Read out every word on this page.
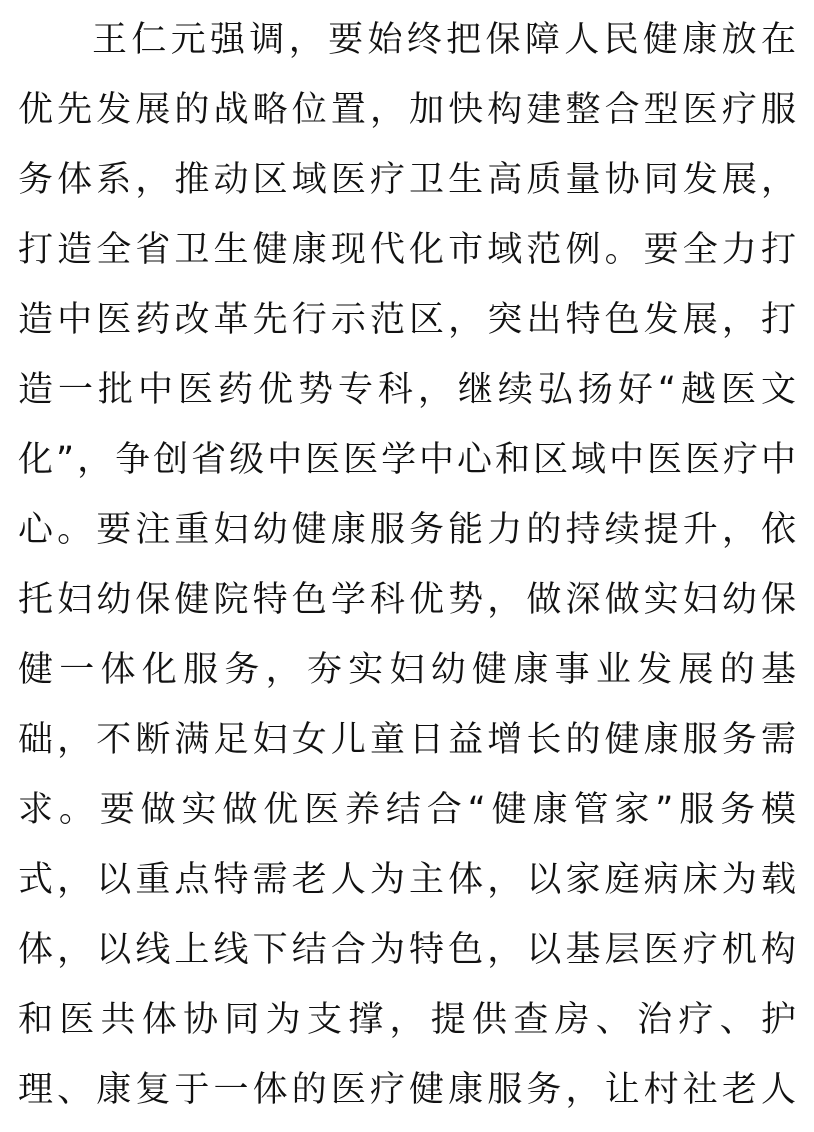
王仁元强调，要始终把保障人民健康放在
优先发展的战略位置，加快构建整合型医疗服
务体系，推动区域医疗卫生高质量协同发展，
打造全省卫生健康现代化市域范例。要全力打
造中医药改革先行示范区，突出特色发展，打
造一批中医药优势专科，继续弘扬好“越医文
化”，争创省级中医医学中心和区域中医医疗中
心。要注重妇幼健康服务能力的持续提升，依
托妇幼保健院特色学科优势，做深做实妇幼保
健一体化服务，夯实妇幼健康事业发展的基
础，不断满足妇女儿童日益增长的健康服务需
求。要做实做优医养结合“健康管家”服务模
式，以重点特需老人为主体，以家庭病床为载
体，以线上线下结合为特色，以基层医疗机构
和医共体协同为支撑，提供查房、治疗、护
理、康复于一体的医疗健康服务，让村社老人
